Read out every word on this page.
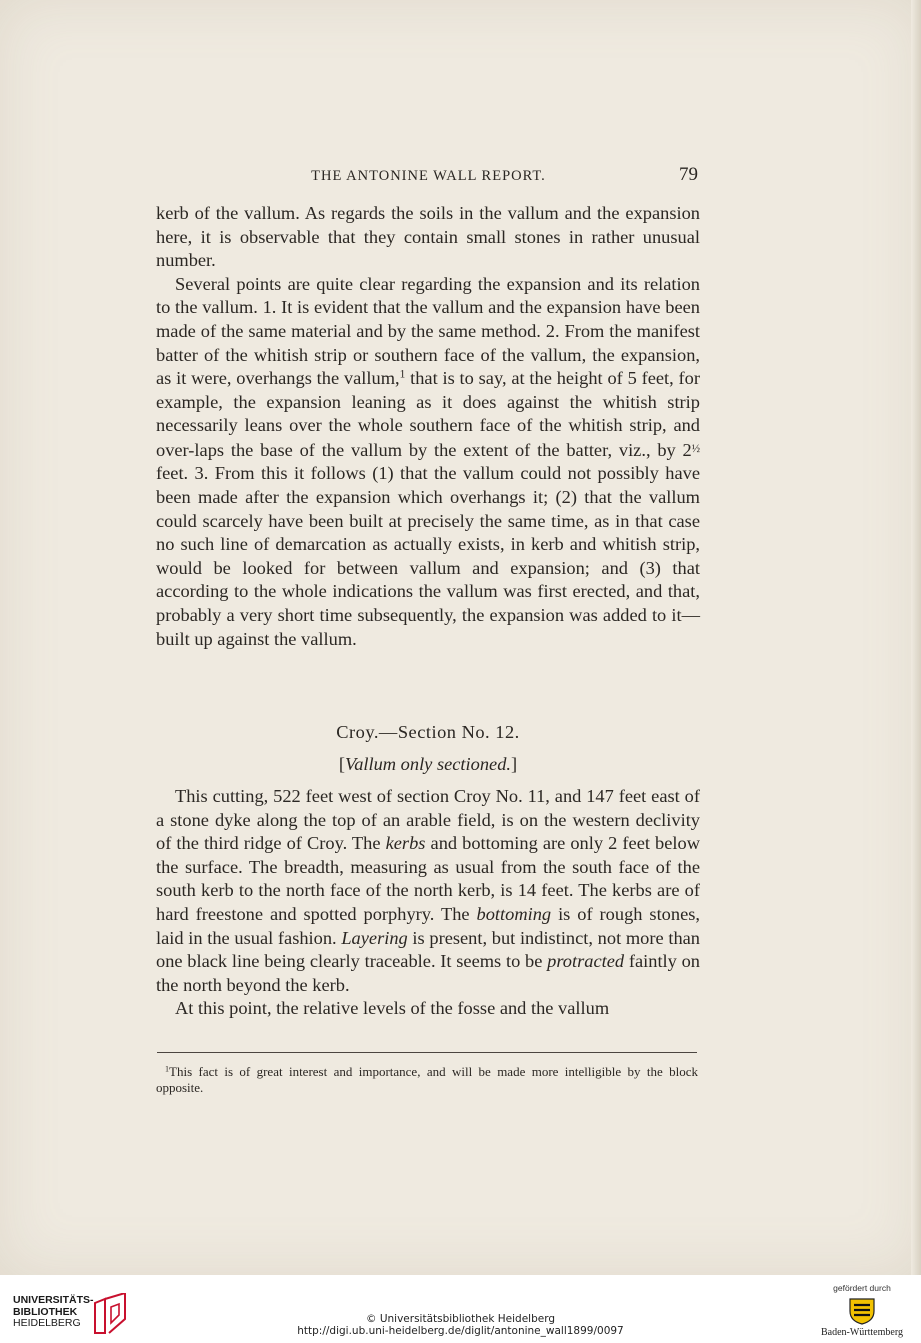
THE ANTONINE WALL REPORT.	79

kerb of the vallum. As regards the soils in the vallum and the expansion here, it is observable that they contain small stones in rather unusual number.

Several points are quite clear regarding the expansion and its relation to the vallum. 1. It is evident that the vallum and the expansion have been made of the same material and by the same method. 2. From the manifest batter of the whitish strip or southern face of the vallum, the expansion, as it were, overhangs the vallum,$^1$ that is to say, at the height of 5 feet, for example, the expansion leaning as it does against the whitish strip necessarily leans over the whole southern face of the whitish strip, and over-laps the base of the vallum by the extent of the batter, viz., by $2^{\frac{1}{2}}$ feet. 3. From this it follows (1) that the vallum could not possibly have been made after the expansion which overhangs it; (2) that the vallum could scarcely have been built at precisely the same time, as in that case no such line of demarcation as actually exists, in kerb and whitish strip, would be looked for between vallum and expansion; and (3) that according to the whole indications the vallum was first erected, and that, probably a very short time subsequently, the expansion was added to it—built up against the vallum.

Croy.—Section No. 12.
[Vallum only sectioned.]

This cutting, 522 feet west of section Croy No. 11, and 147 feet east of a stone dyke along the top of an arable field, is on the western declivity of the third ridge of Croy. The kerbs and bottoming are only 2 feet below the surface. The breadth, measuring as usual from the south face of the south kerb to the north face of the north kerb, is 14 feet. The kerbs are of hard freestone and spotted porphyry. The bottoming is of rough stones, laid in the usual fashion. Layering is present, but indistinct, not more than one black line being clearly traceable. It seems to be protracted faintly on the north beyond the kerb.

At this point, the relative levels of the fosse and the vallum

$^1$This fact is of great interest and importance, and will be made more intelligible by the block opposite.
UNIVERSITÄTS-
BIBLIOTHEK
HEIDELBERG	© Universitätsbibliothek Heidelberg
http://digi.ub.uni-heidelberg.de/diglit/antonine_wall1899/0097
gefördert durch
Baden-Württemberg
